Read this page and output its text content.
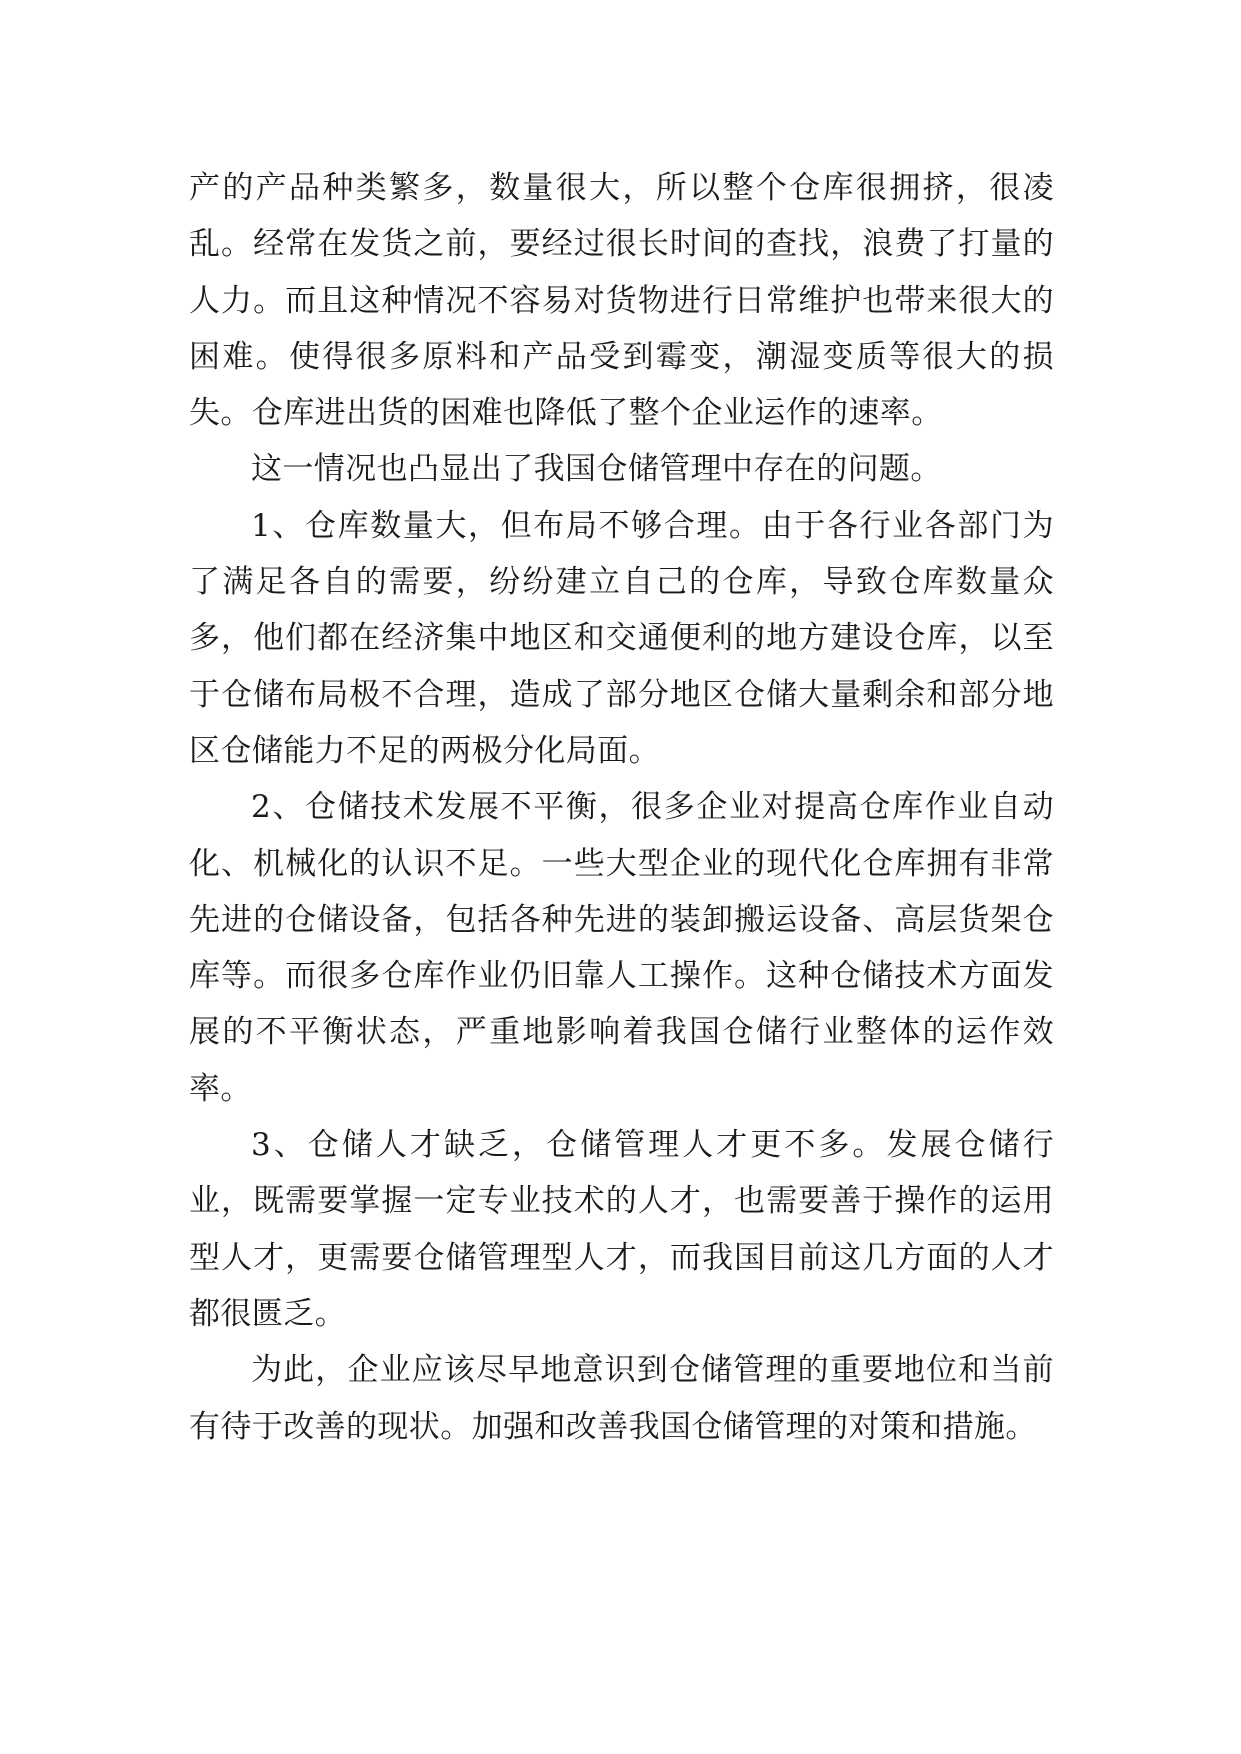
产的产品种类繁多，数量很大，所以整个仓库很拥挤，很凌乱。经常在发货之前，要经过很长时间的查找，浪费了打量的人力。而且这种情况不容易对货物进行日常维护也带来很大的困难。使得很多原料和产品受到霉变，潮湿变质等很大的损失。仓库进出货的困难也降低了整个企业运作的速率。

这一情况也凸显出了我国仓储管理中存在的问题。

1、仓库数量大，但布局不够合理。由于各行业各部门为了满足各自的需要，纷纷建立自己的仓库，导致仓库数量众多，他们都在经济集中地区和交通便利的地方建设仓库，以至于仓储布局极不合理，造成了部分地区仓储大量剩余和部分地区仓储能力不足的两极分化局面。

2、仓储技术发展不平衡，很多企业对提高仓库作业自动化、机械化的认识不足。一些大型企业的现代化仓库拥有非常先进的仓储设备，包括各种先进的装卸搬运设备、高层货架仓库等。而很多仓库作业仍旧靠人工操作。这种仓储技术方面发展的不平衡状态，严重地影响着我国仓储行业整体的运作效率。

3、仓储人才缺乏，仓储管理人才更不多。发展仓储行业，既需要掌握一定专业技术的人才，也需要善于操作的运用型人才，更需要仓储管理型人才，而我国目前这几方面的人才都很匮乏。

为此，企业应该尽早地意识到仓储管理的重要地位和当前有待于改善的现状。加强和改善我国仓储管理的对策和措施。
